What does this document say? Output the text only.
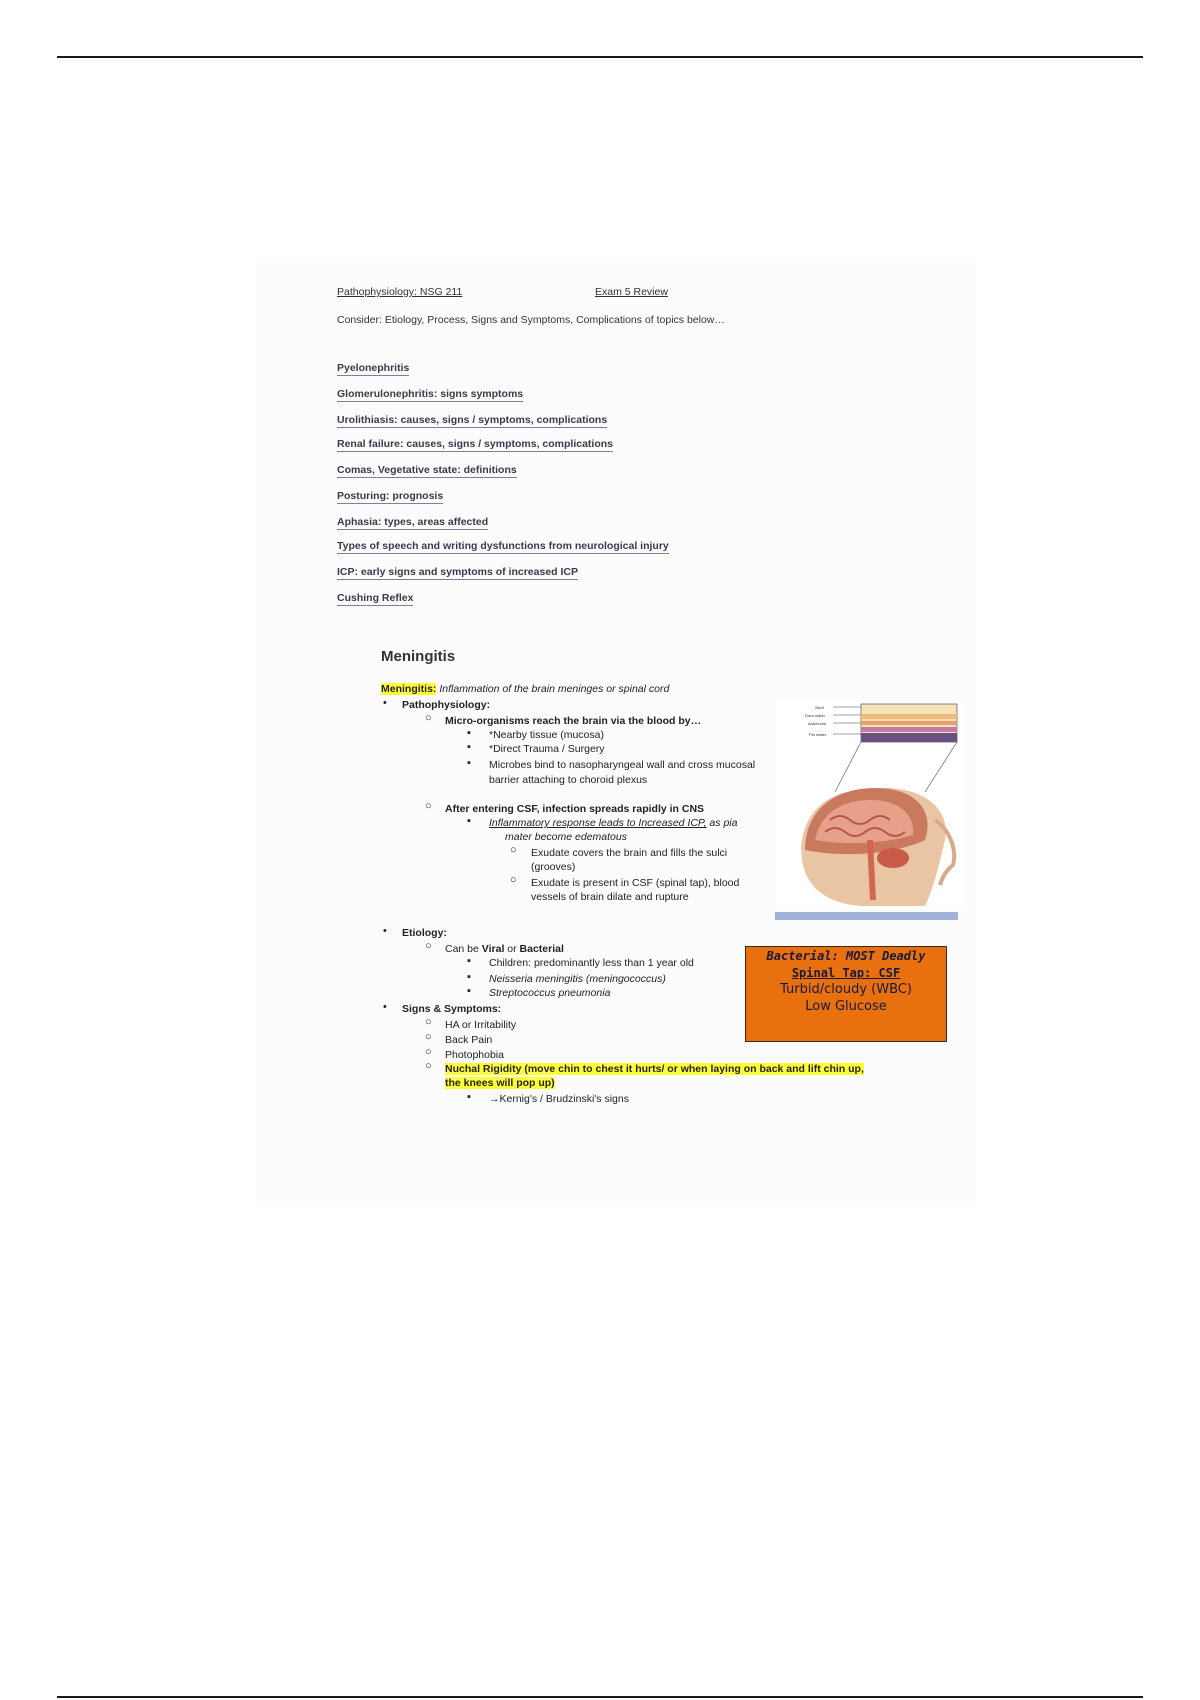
Pathophysiology: NSG 211	Exam 5 Review
Consider: Etiology, Process, Signs and Symptoms, Complications of topics below…
Pyelonephritis
Glomerulonephritis: signs symptoms
Urolithiasis: causes, signs / symptoms, complications
Renal failure: causes, signs / symptoms, complications
Comas, Vegetative state: definitions
Posturing: prognosis
Aphasia: types, areas affected
Types of speech and writing dysfunctions from neurological injury
ICP: early signs and symptoms of increased ICP
Cushing Reflex
Meningitis
Meningitis: Inflammation of the brain meninges or spinal cord
• Pathophysiology:
○ Micro-organisms reach the brain via the blood by…
▪ *Nearby tissue (mucosa)
▪ *Direct Trauma / Surgery
▪ Microbes bind to nasopharyngeal wall and cross mucosal
barrier attaching to choroid plexus
○ After entering CSF, infection spreads rapidly in CNS
▪ Inflammatory response leads to Increased ICP, as pia
mater become edematous
○ Exudate covers the brain and fills the sulci
(grooves)
○ Exudate is present in CSF (spinal tap), blood
vessels of brain dilate and rupture
Skull
Dura mater
Arachnoid
Pia mater
• Etiology:
○ Can be Viral or Bacterial
▪ Children: predominantly less than 1 year old
▪ Neisseria meningitis (meningococcus)
▪ Streptococcus pneumonia
Bacterial: MOST Deadly
Spinal Tap: CSF
Turbid/cloudy (WBC)
Low Glucose
• Signs & Symptoms:
○ HA or Irritability
○ Back Pain
○ Photophobia
○ Nuchal Rigidity (move chin to chest it hurts/ or when laying on back and lift chin up,
the knees will pop up)
▪ →Kernig's / Brudzinski's signs
